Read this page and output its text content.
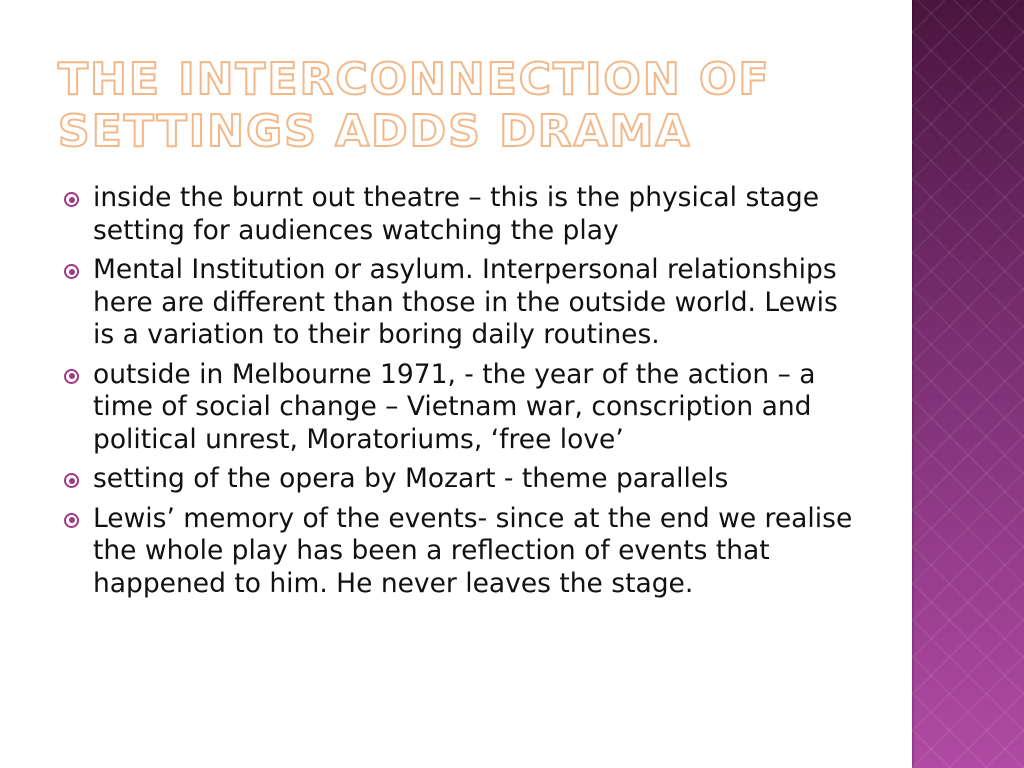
THE INTERCONNECTION OF
SETTINGS ADDS DRAMA
inside the burnt out theatre – this is the physical stage setting for audiences watching the play
Mental Institution or asylum. Interpersonal relationships here are different than those in the outside world. Lewis is a variation to their boring daily routines.
outside in Melbourne 1971, - the year of the action – a time of social change – Vietnam war, conscription and political unrest, Moratoriums, ‘free love’
setting of the opera by Mozart - theme parallels
Lewis’ memory of the events- since at the end we realise the whole play has been a reflection of events that happened to him. He never leaves the stage.
